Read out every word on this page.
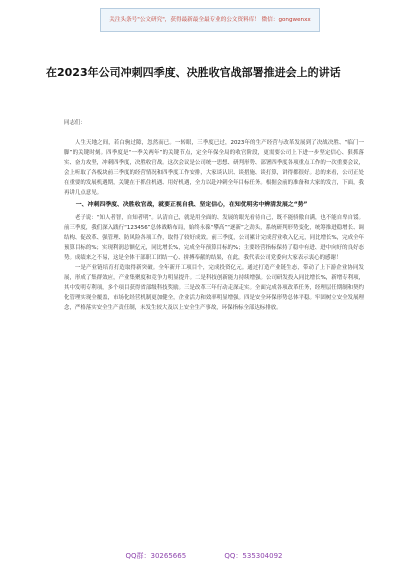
关注头条号"公文研究"，获得最新最全最专业的公文资料库！ 微信：gongwenxx
在2023年公司冲刺四季度、决胜收官战部署推进会上的讲话

同志们：

人生天地之间，若白驹过隙，忽然而已。一转眼，三季度已过，2023年的生产经营与改革发展到了决战决胜、“临门一脚”的关键时刻。四季度是“一季关两年”的关键节点，定全年保全局的收官阶段，更需要公司上下进一步坚定信心、狠抓落实、奋力攻坚，冲刺四季度，决胜收官战。这次会议是公司统一思想、研判形势、部署四季度各项重点工作的一次重要会议，会上听取了各板块前三季度的经营情况和四季度工作安排，大家谈认识、谈措施、谈打算，讲得都很好。总的来看，公司正处在重要的发展机遇期，关键在于抓住机遇、用好机遇，全力以赴冲刺全年目标任务。根据会前的准备和大家的发言，下面，我再讲几点意见。

一、冲刺四季度、决胜收官战，就要正视自我、坚定信心，在知优明劣中辨清发展之“势”

老子说：“知人者智，自知者明”。认清自己，就是用全面的、发展的眼光看待自己，既不能骄傲自满，也不能自卑自馁。前三季度，我们深入践行“123456”总体战略布局，始终永葆“攀高”“逐新”之劲头，系统研判形势变化，统筹推进稳增长、调结构、促改革、强管理、防风险各项工作，取得了较好成效。前三季度，公司累计完成营业收入亿元，同比增长%，完成全年预算目标的%；实现利润总额亿元，同比增长%，完成全年预算目标的%；主要经营指标保持了稳中有进、进中向好的良好态势。成绩来之不易，这是全体干部职工团结一心、拼搏奉献的结果，在此，我代表公司党委向大家表示衷心的感谢！

一是产业链培育打造取得新突破。全年新开工项目个，完成投资亿元。通过打造产业链生态，带动了上下游企业协同发展，形成了集群效应，产业集聚度和竞争力明显提升。二是科技创新能力持续增强。公司研发投入同比增长%，新增专利项，其中发明专利项，多个项目获得省部级科技奖励。三是改革三年行动走深走实。全面完成各项改革任务，经理层任期制和契约化管理实现全覆盖，市场化经营机制更加健全，企业活力和效率明显增强。四是安全环保形势总体平稳。牢固树立安全发展理念，严格落实安全生产责任制，未发生较大及以上安全生产事故，环保指标全部达标排放。

QQ群：30265665	QQ：535304092
